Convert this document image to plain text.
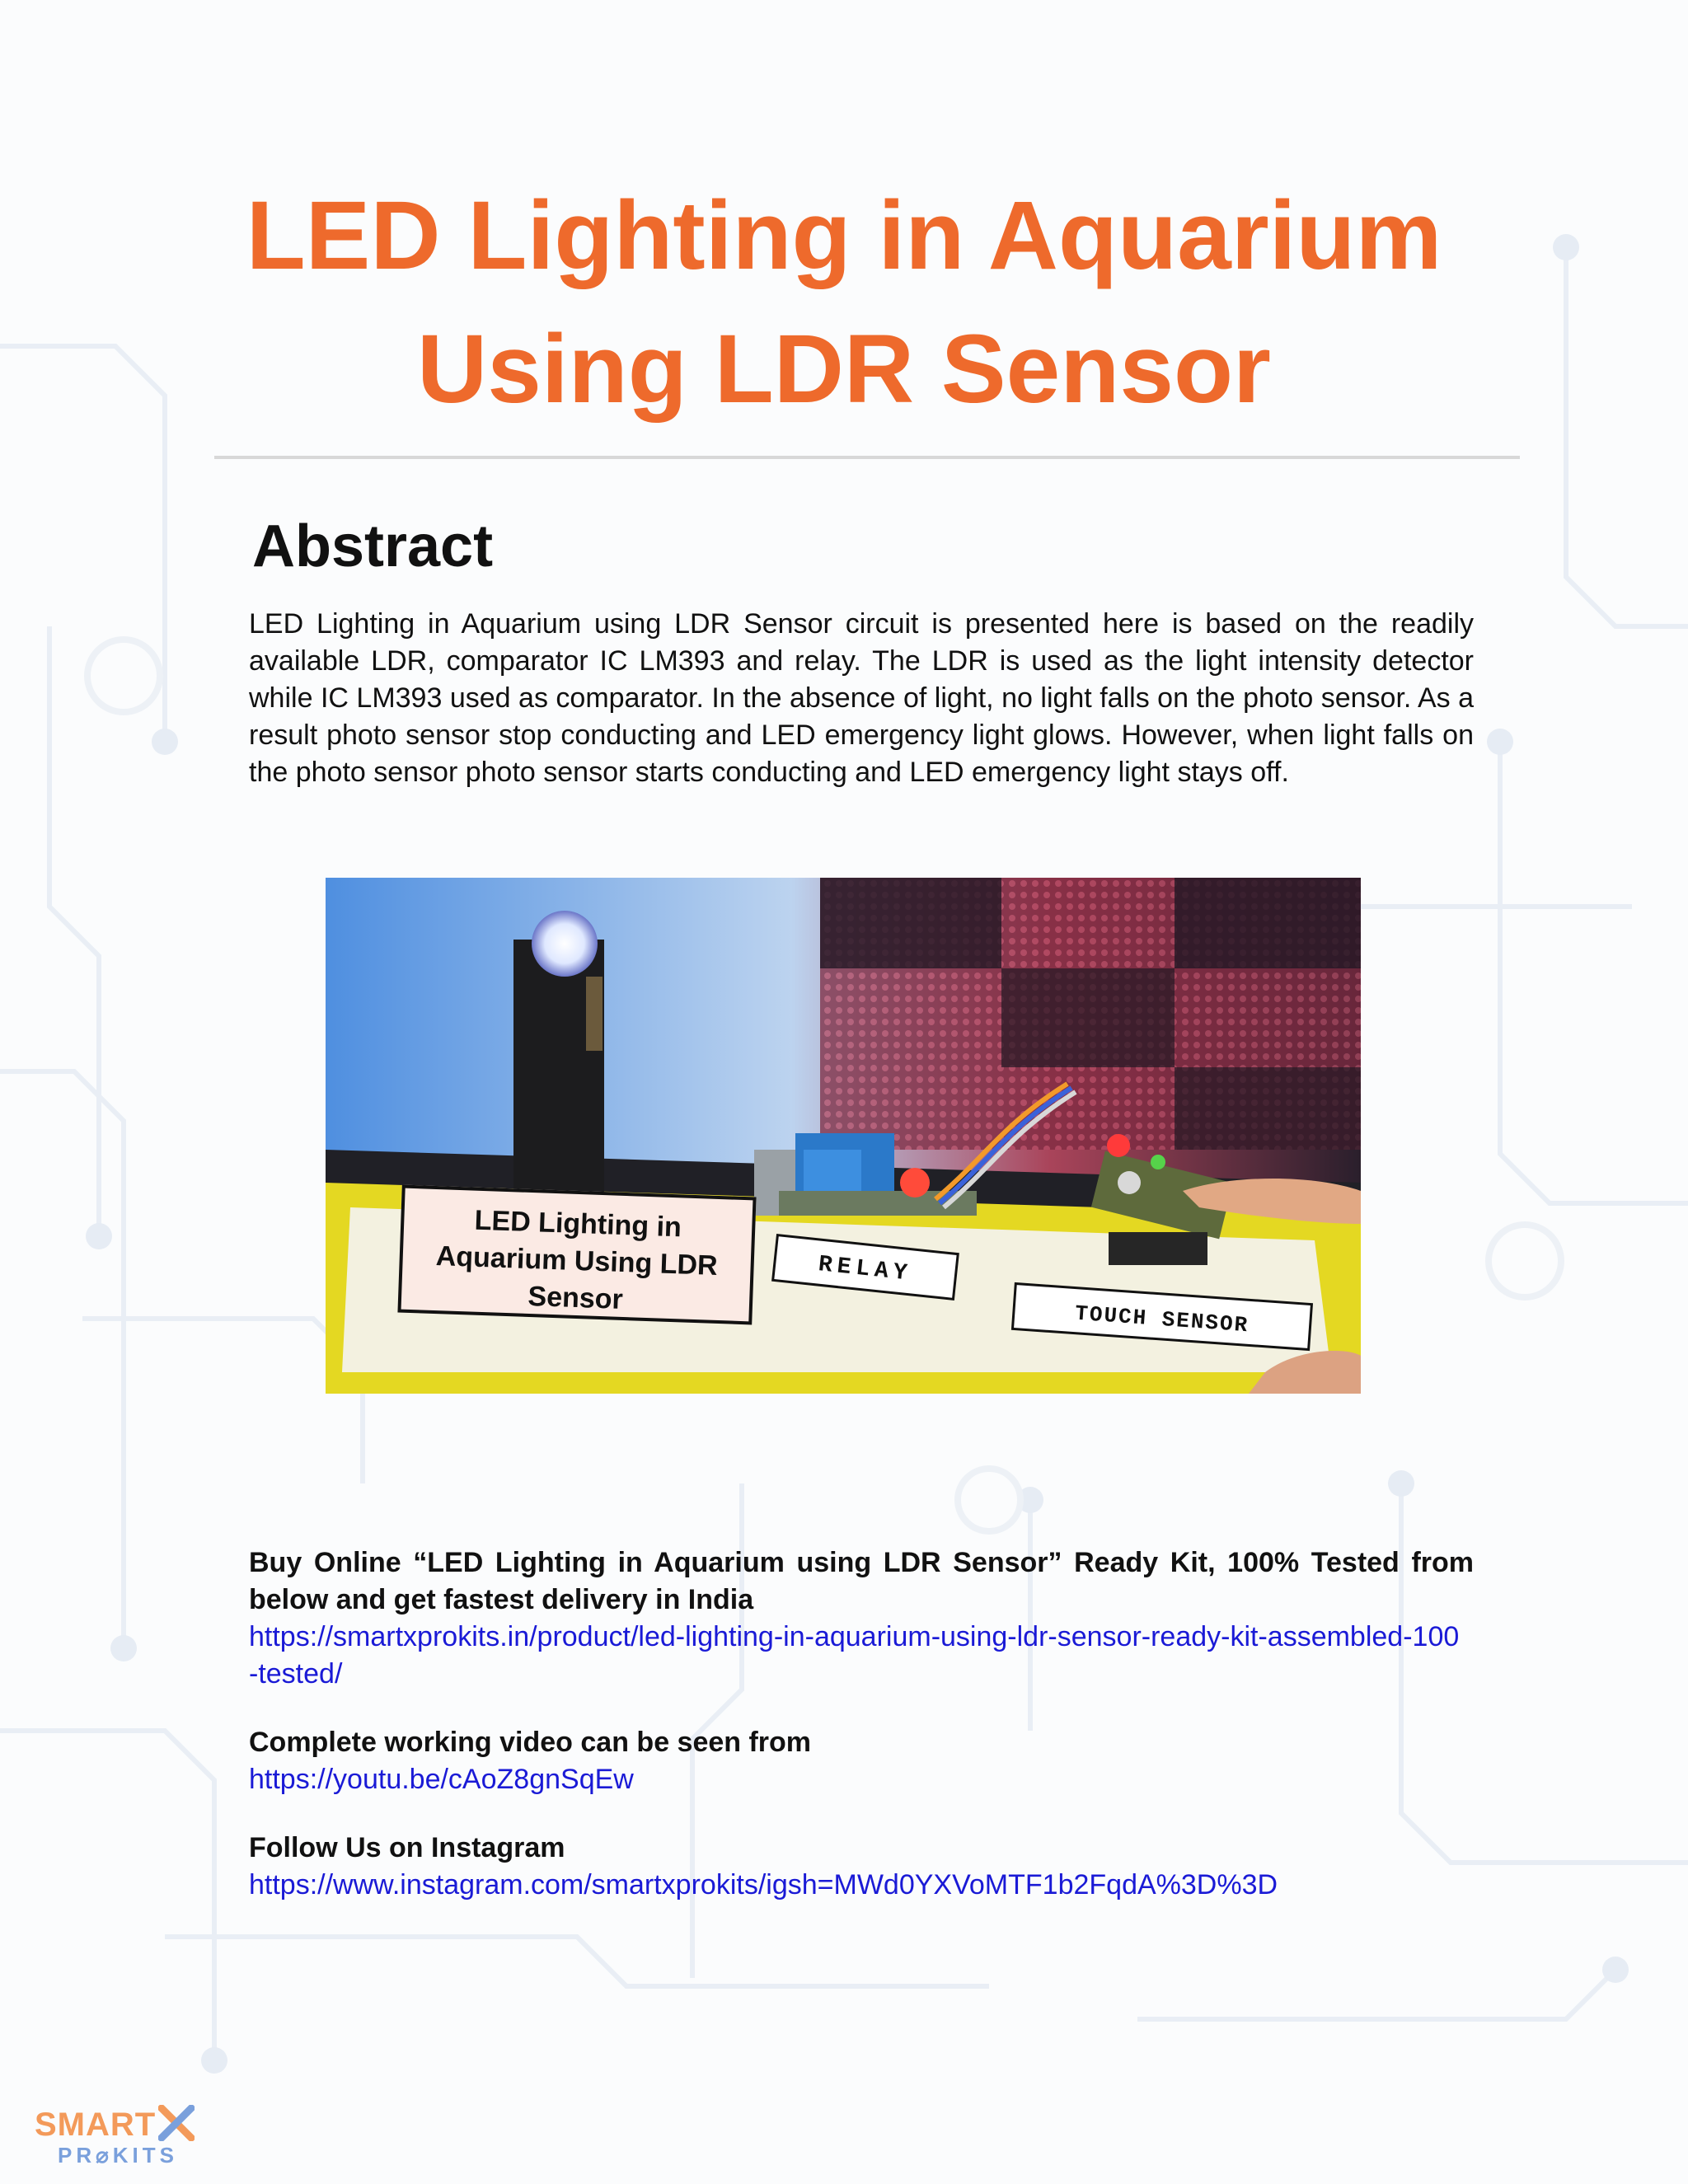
LED Lighting in Aquarium
Using LDR Sensor
Abstract

LED Lighting in Aquarium using LDR Sensor circuit is presented here is based on the readily available LDR, comparator IC LM393 and relay. The LDR is used as the light intensity detector while IC LM393 used as comparator. In the absence of light, no light falls on the photo sensor. As a result photo sensor stop conducting and LED emergency light glows. However, when light falls on the photo sensor photo sensor starts conducting and LED emergency light stays off.

RELAY
TOUCH SENSOR
LED Lighting in
Aquarium Using LDR
Sensor

Buy Online “LED Lighting in Aquarium using LDR Sensor” Ready Kit, 100% Tested from below and get fastest delivery in India

https://smartxprokits.in/product/led-lighting-in-aquarium-using-ldr-sensor-ready-kit-assembled-100-tested/

Complete working video can be seen from

https://youtu.be/cAoZ8gnSqEw

Follow Us on Instagram

https://www.instagram.com/smartxprokits/igsh=MWd0YXVoMTF1b2FqdA%3D%3D
SMART
PR⌀KITS
